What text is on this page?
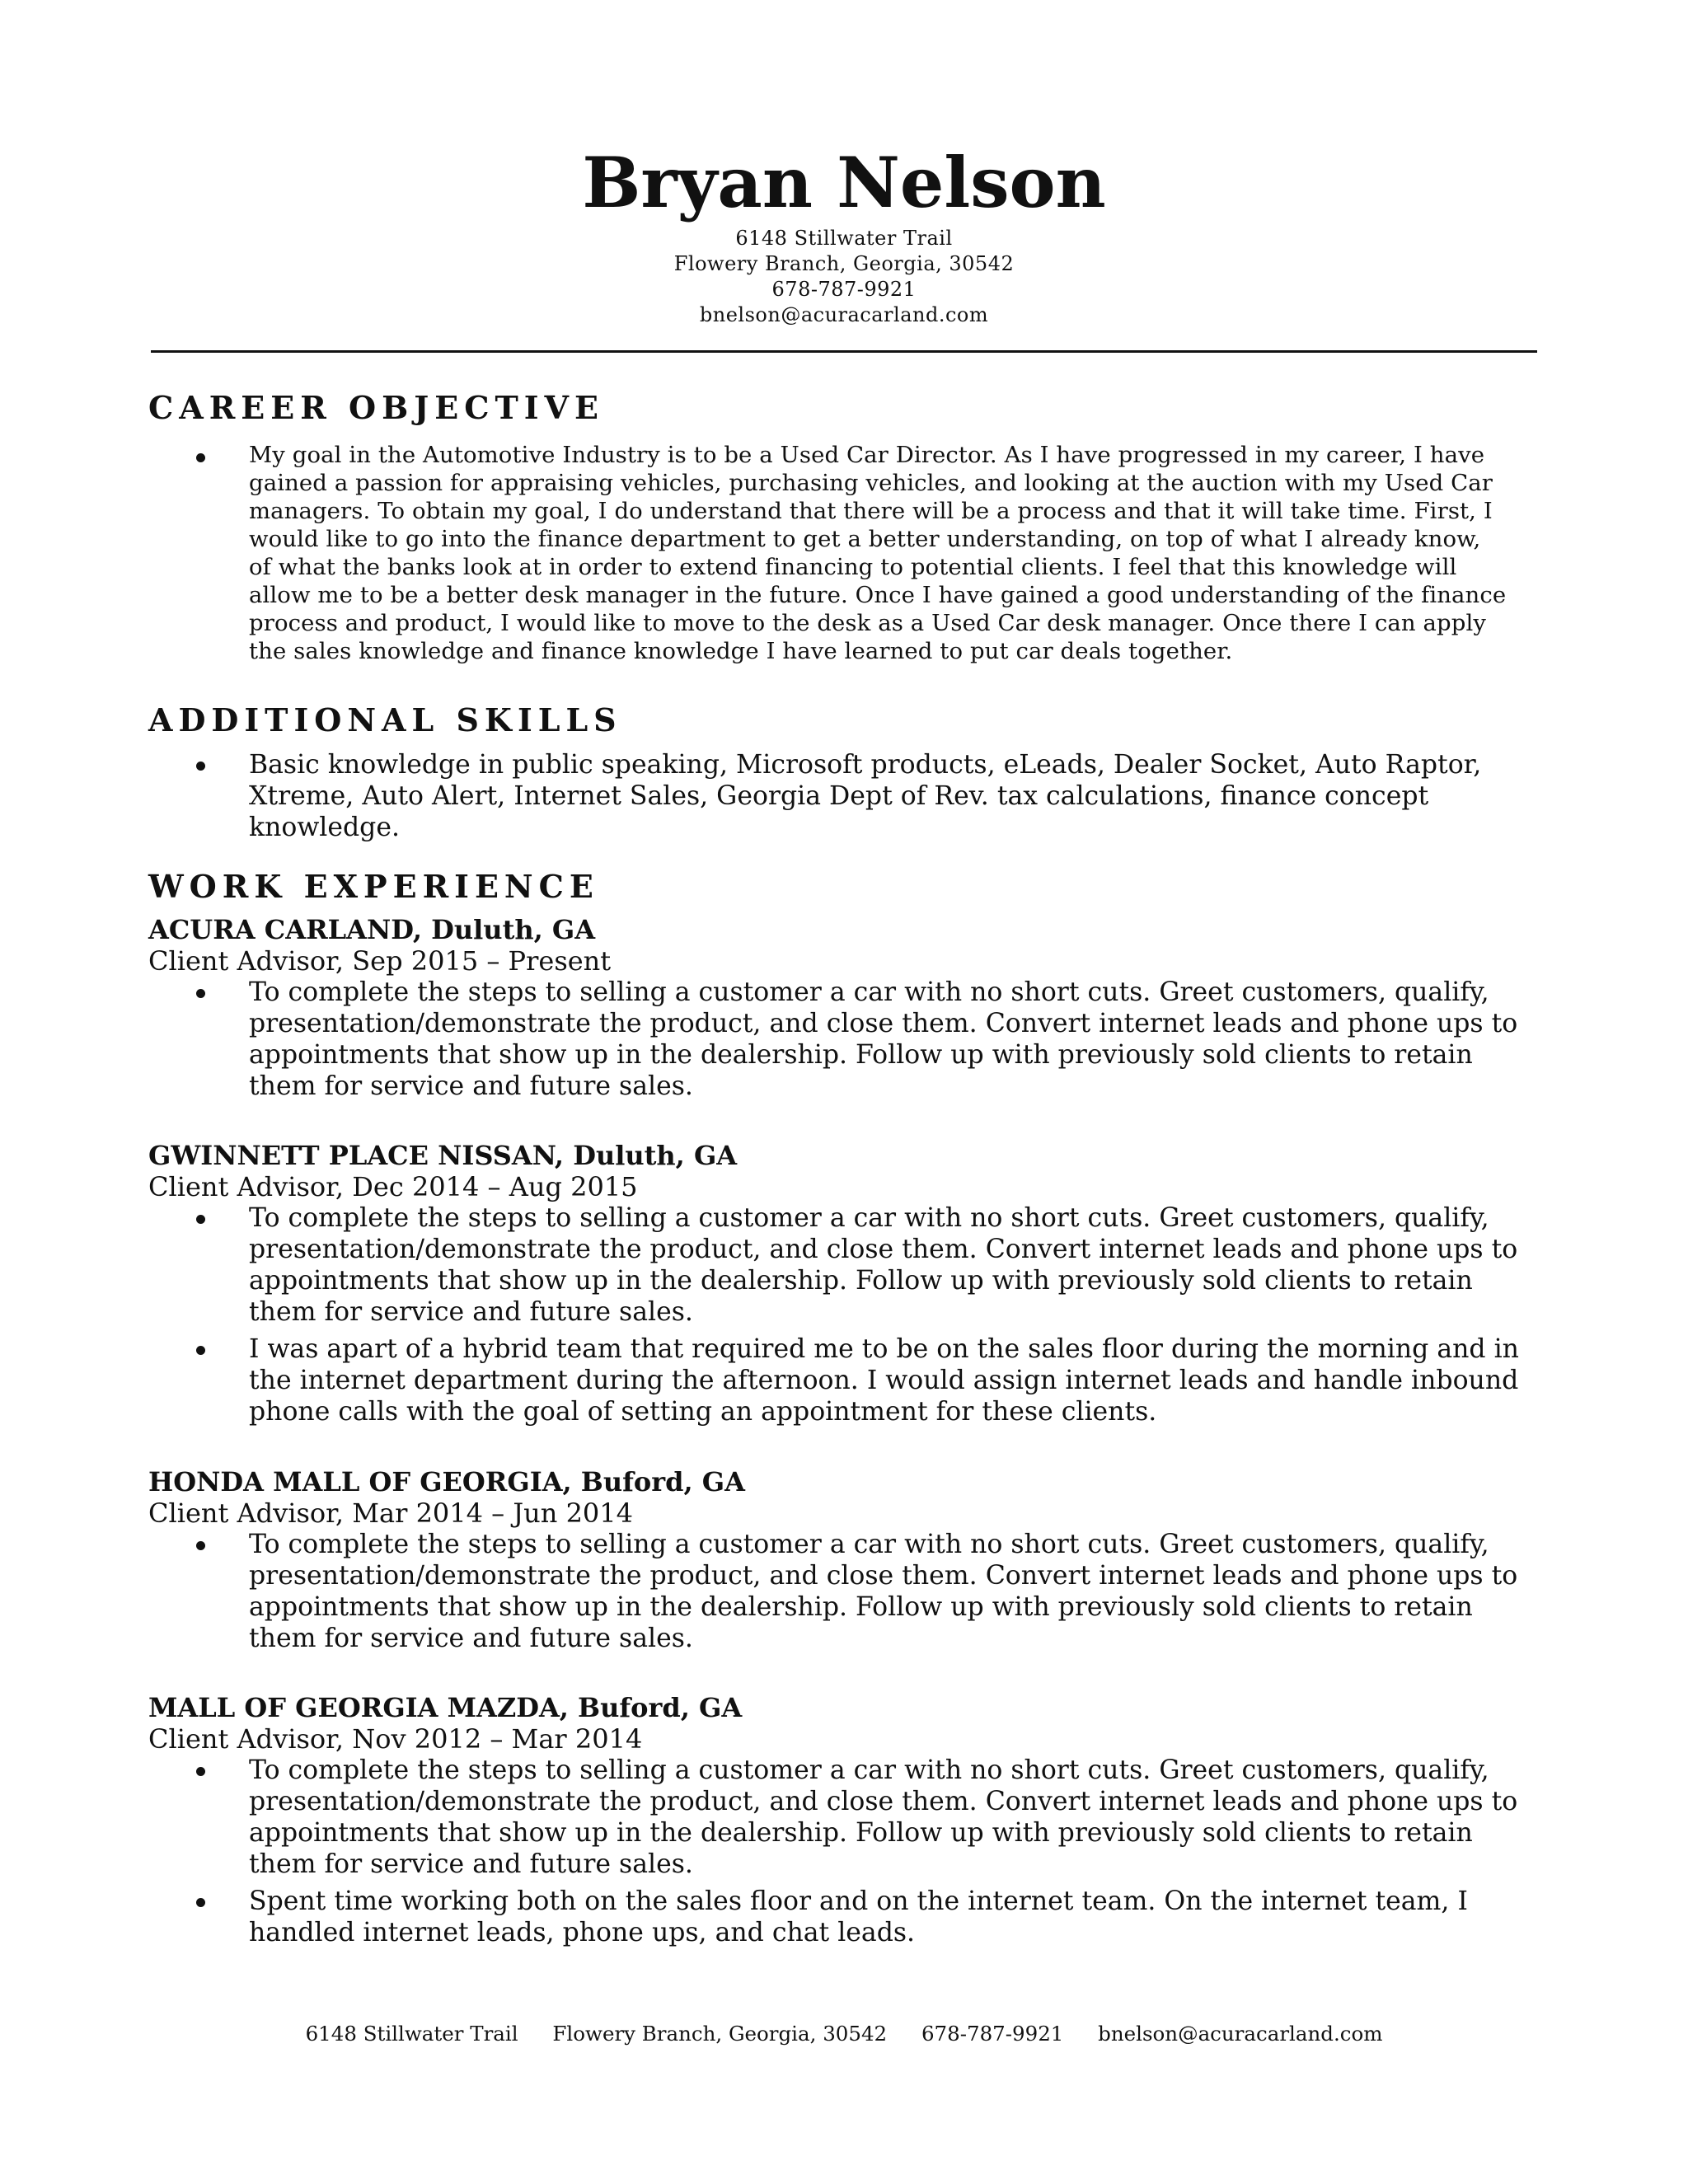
Bryan Nelson
6148 Stillwater Trail
Flowery Branch, Georgia, 30542
678-787-9921
bnelson@acuracarland.com
CAREER OBJECTIVE
My goal in the Automotive Industry is to be a Used Car Director. As I have progressed in my career, I have
gained a passion for appraising vehicles, purchasing vehicles, and looking at the auction with my Used Car
managers. To obtain my goal, I do understand that there will be a process and that it will take time. First, I
would like to go into the finance department to get a better understanding, on top of what I already know,
of what the banks look at in order to extend financing to potential clients. I feel that this knowledge will
allow me to be a better desk manager in the future. Once I have gained a good understanding of the finance
process and product, I would like to move to the desk as a Used Car desk manager. Once there I can apply
the sales knowledge and finance knowledge I have learned to put car deals together.
ADDITIONAL SKILLS
Basic knowledge in public speaking, Microsoft products, eLeads, Dealer Socket, Auto Raptor,
Xtreme, Auto Alert, Internet Sales, Georgia Dept of Rev. tax calculations, finance concept
knowledge.
WORK EXPERIENCE
ACURA CARLAND, Duluth, GA
Client Advisor, Sep 2015 – Present
To complete the steps to selling a customer a car with no short cuts. Greet customers, qualify,
presentation/demonstrate the product, and close them. Convert internet leads and phone ups to
appointments that show up in the dealership. Follow up with previously sold clients to retain
them for service and future sales.
GWINNETT PLACE NISSAN, Duluth, GA
Client Advisor, Dec 2014 – Aug 2015
To complete the steps to selling a customer a car with no short cuts. Greet customers, qualify,
presentation/demonstrate the product, and close them. Convert internet leads and phone ups to
appointments that show up in the dealership. Follow up with previously sold clients to retain
them for service and future sales.
I was apart of a hybrid team that required me to be on the sales floor during the morning and in
the internet department during the afternoon. I would assign internet leads and handle inbound
phone calls with the goal of setting an appointment for these clients.
HONDA MALL OF GEORGIA, Buford, GA
Client Advisor, Mar 2014 – Jun 2014
To complete the steps to selling a customer a car with no short cuts. Greet customers, qualify,
presentation/demonstrate the product, and close them. Convert internet leads and phone ups to
appointments that show up in the dealership. Follow up with previously sold clients to retain
them for service and future sales.
MALL OF GEORGIA MAZDA, Buford, GA
Client Advisor, Nov 2012 – Mar 2014
To complete the steps to selling a customer a car with no short cuts. Greet customers, qualify,
presentation/demonstrate the product, and close them. Convert internet leads and phone ups to
appointments that show up in the dealership. Follow up with previously sold clients to retain
them for service and future sales.
Spent time working both on the sales floor and on the internet team. On the internet team, I
handled internet leads, phone ups, and chat leads.
6148 Stillwater Trail Flowery Branch, Georgia, 30542 678-787-9921 bnelson@acuracarland.com
